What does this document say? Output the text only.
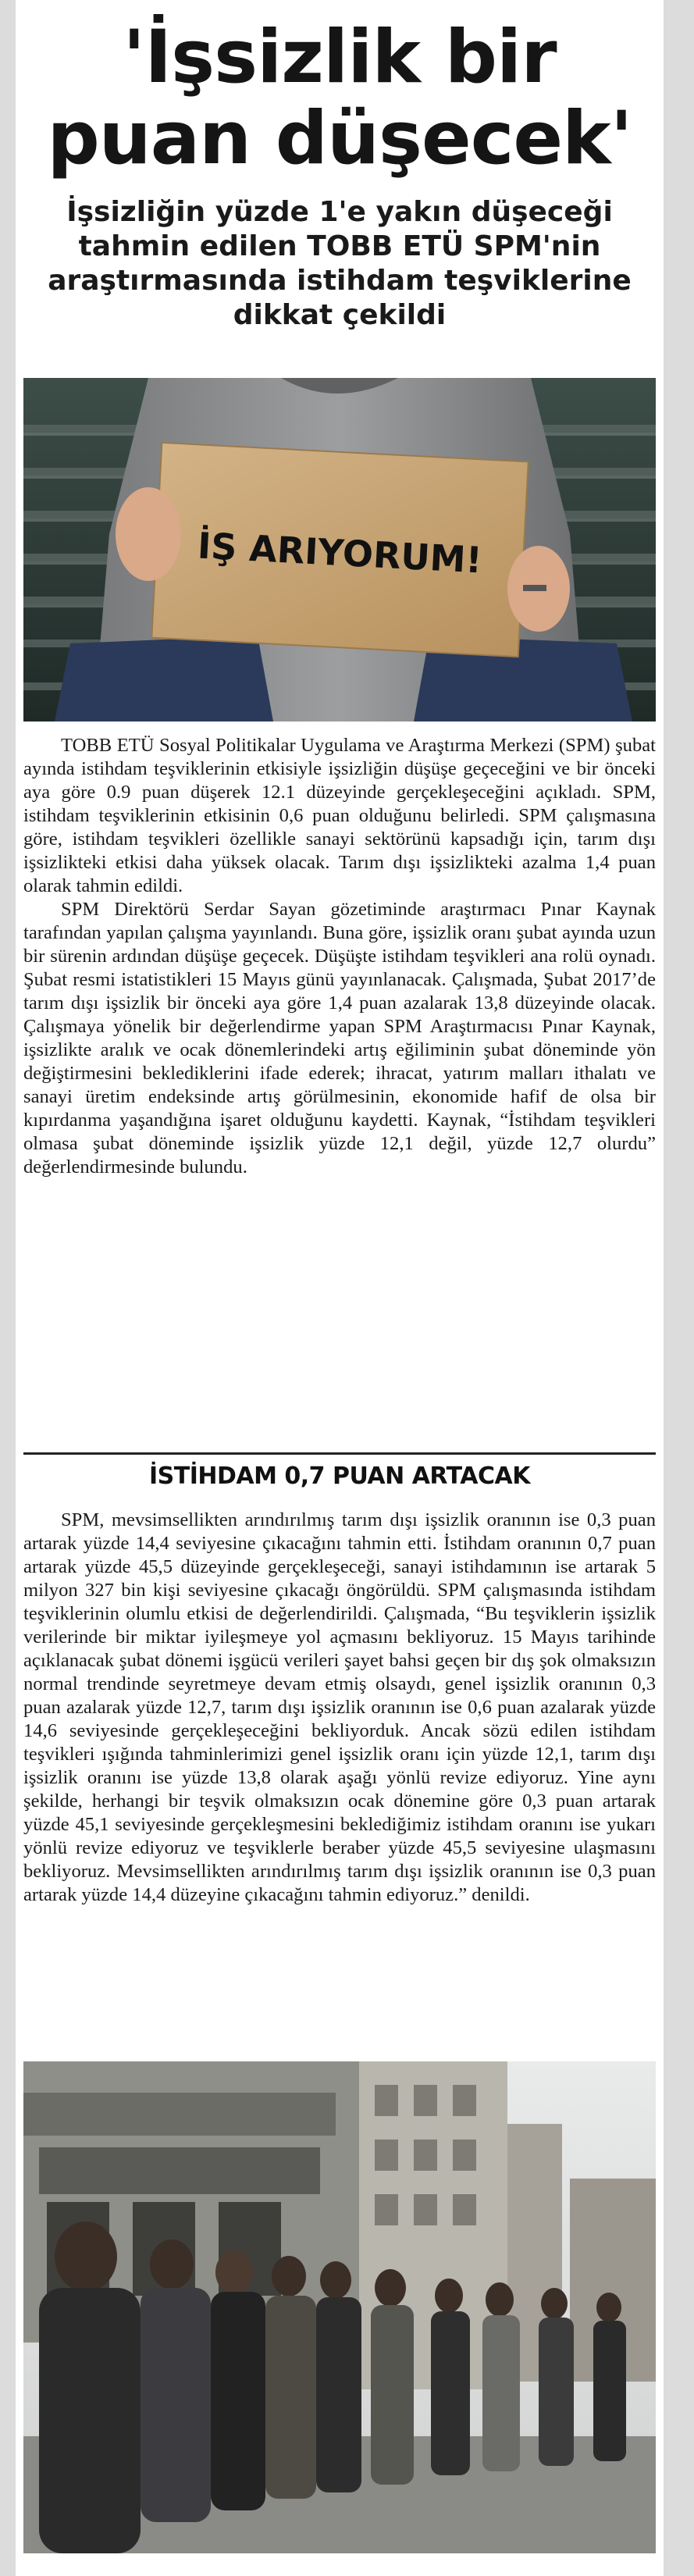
'İşsizlik bir
puan düşecek'
İşsizliğin yüzde 1'e yakın düşeceği tahmin edilen TOBB ETÜ SPM'nin araştırmasında istihdam teşviklerine dikkat çekildi
İŞ ARIYORUM!

TOBB ETÜ Sosyal Politikalar Uygulama ve Araştırma Merkezi (SPM) şubat ayında istihdam teşviklerinin etkisiyle işsizliğin düşüşe geçeceğini ve bir önceki aya göre 0.9 puan düşerek 12.1 düzeyinde gerçekleşeceğini açıkladı. SPM, istihdam teşviklerinin etkisinin 0,6 puan olduğunu belirledi. SPM çalışmasına göre, istihdam teşvikleri özellikle sanayi sektörünü kapsadığı için, tarım dışı işsizlikteki etkisi daha yüksek olacak. Tarım dışı işsizlikteki azalma 1,4 puan olarak tahmin edildi.

SPM Direktörü Serdar Sayan gözetiminde araştırmacı Pınar Kaynak tarafından yapılan çalışma yayınlandı. Buna göre, işsizlik oranı şubat ayında uzun bir sürenin ardından düşüşe geçecek. Düşüşte istihdam teşvikleri ana rolü oynadı. Şubat resmi istatistikleri 15 Mayıs günü yayınlanacak. Çalışmada, Şubat 2017’de tarım dışı işsizlik bir önceki aya göre 1,4 puan azalarak 13,8 düzeyinde olacak. Çalışmaya yönelik bir değerlendirme yapan SPM Araştırmacısı Pınar Kaynak, işsizlikte aralık ve ocak dönemlerindeki artış eğiliminin şubat döneminde yön değiştirmesini beklediklerini ifade ederek; ihracat, yatırım malları ithalatı ve sanayi üretim endeksinde artış görülmesinin, ekonomide hafif de olsa bir kıpırdanma yaşandığına işaret olduğunu kaydetti. Kaynak, “İstihdam teşvikleri olmasa şubat döneminde işsizlik yüzde 12,1 değil, yüzde 12,7 olurdu” değerlendirmesinde bulundu.

İSTİHDAM 0,7 PUAN ARTACAK

SPM, mevsimsellikten arındırılmış tarım dışı işsizlik oranının ise 0,3 puan artarak yüzde 14,4 seviyesine çıkacağını tahmin etti. İstihdam oranının 0,7 puan artarak yüzde 45,5 düzeyinde gerçekleşeceği, sanayi istihdamının ise artarak 5 milyon 327 bin kişi seviyesine çıkacağı öngörüldü. SPM çalışmasında istihdam teşviklerinin olumlu etkisi de değerlendirildi. Çalışmada, “Bu teşviklerin işsizlik verilerinde bir miktar iyileşmeye yol açmasını bekliyoruz. 15 Mayıs tarihinde açıklanacak şubat dönemi işgücü verileri şayet bahsi geçen bir dış şok olmaksızın normal trendinde seyretmeye devam etmiş olsaydı, genel işsizlik oranının 0,3 puan azalarak yüzde 12,7, tarım dışı işsizlik oranının ise 0,6 puan azalarak yüzde 14,6 seviyesinde gerçekleşeceğini bekliyorduk. Ancak sözü edilen istihdam teşvikleri ışığında tahminlerimizi genel işsizlik oranı için yüzde 12,1, tarım dışı işsizlik oranını ise yüzde 13,8 olarak aşağı yönlü revize ediyoruz. Yine aynı şekilde, herhangi bir teşvik olmaksızın ocak dönemine göre 0,3 puan artarak yüzde 45,1 seviyesinde gerçekleşmesini beklediğimiz istihdam oranını ise yukarı yönlü revize ediyoruz ve teşviklerle beraber yüzde 45,5 seviyesine ulaşmasını bekliyoruz. Mevsimsellikten arındırılmış tarım dışı işsizlik oranının ise 0,3 puan artarak yüzde 14,4 düzeyine çıkacağını tahmin ediyoruz.” denildi.
